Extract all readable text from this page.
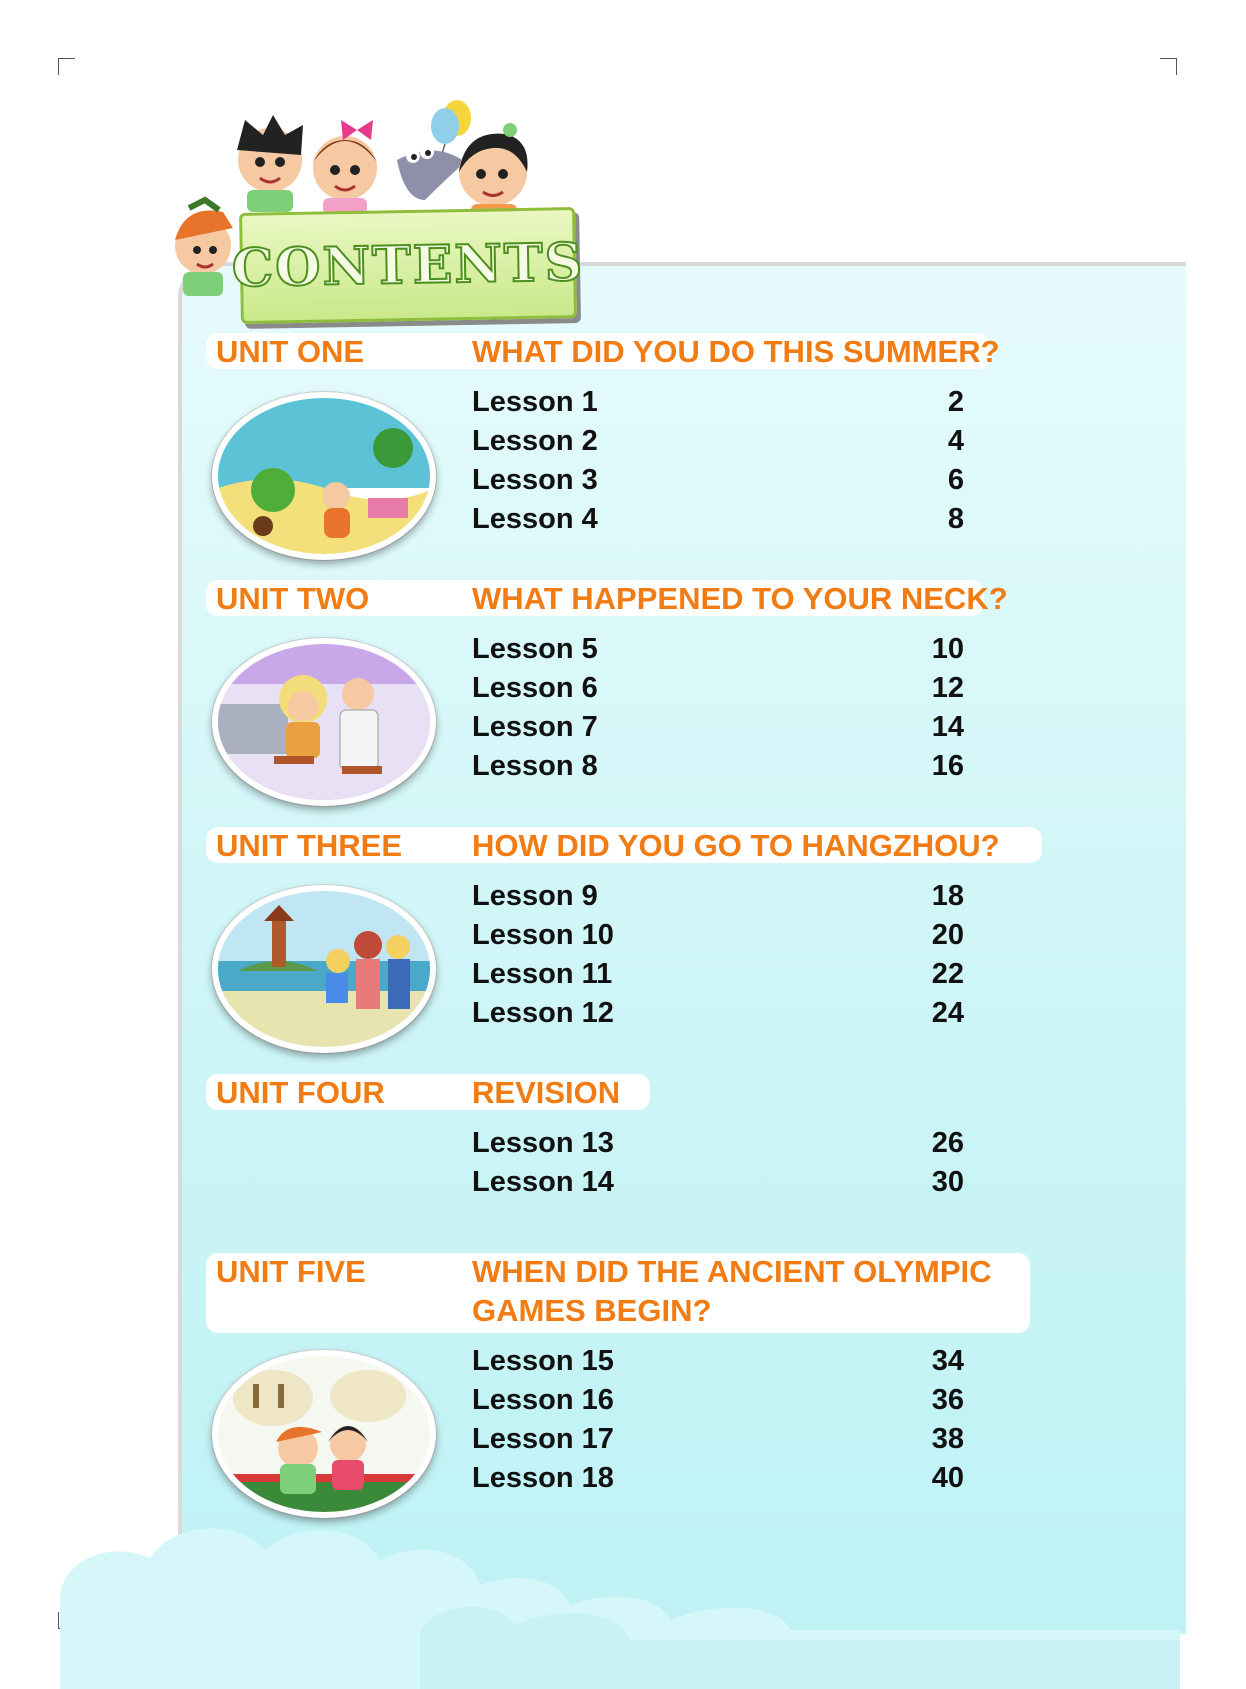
CONTENTS
UNIT ONE	WHAT DID YOU DO THIS SUMMER?
Lesson 1	2
Lesson 2	4
Lesson 3	6
Lesson 4	8
UNIT TWO	WHAT HAPPENED TO YOUR NECK?
Lesson 5	10
Lesson 6	12
Lesson 7	14
Lesson 8	16
UNIT THREE HOW DID YOU GO TO HANGZHOU?
Lesson 9	18
Lesson 10	20
Lesson 11	22
Lesson 12	24
UNIT FOUR	REVISION
Lesson 13	26
Lesson 14	30
UNIT FIVE	WHEN DID THE ANCIENT OLYMPIC
GAMES BEGIN?
Lesson 15	34
Lesson 16	36
Lesson 17	38
Lesson 18	40
